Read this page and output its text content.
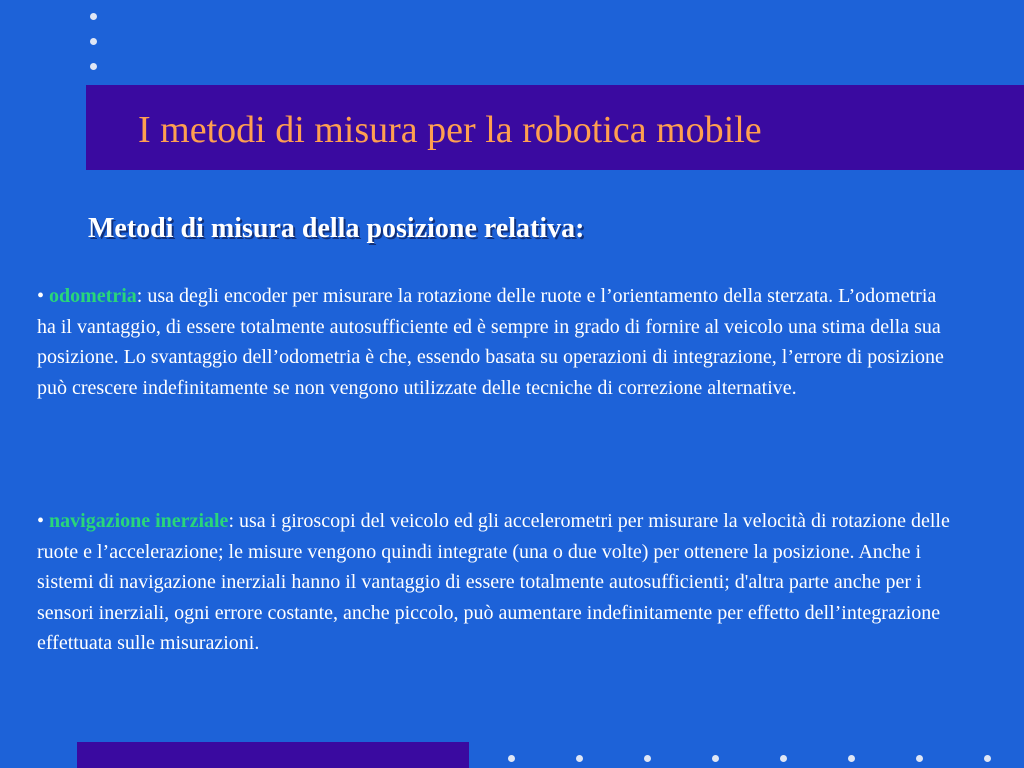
I metodi di misura per la robotica mobile
Metodi di misura della posizione relativa:

• odometria: usa degli encoder per misurare la rotazione delle ruote e l’orientamento della sterzata. L’odometria ha il vantaggio, di essere totalmente autosufficiente ed è sempre in grado di fornire al veicolo una stima della sua posizione. Lo svantaggio dell’odometria è che, essendo basata su operazioni di integrazione, l’errore di posizione può crescere indefinitamente se non vengono utilizzate delle tecniche di correzione alternative.

• navigazione inerziale: usa i giroscopi del veicolo ed gli accelerometri per misurare la velocità di rotazione delle ruote e l’accelerazione; le misure vengono quindi integrate (una o due volte) per ottenere la posizione. Anche i sistemi di navigazione inerziali hanno il vantaggio di essere totalmente autosufficienti; d'altra parte anche per i sensori inerziali, ogni errore costante, anche piccolo, può aumentare indefinitamente per effetto dell’integrazione effettuata sulle misurazioni.
